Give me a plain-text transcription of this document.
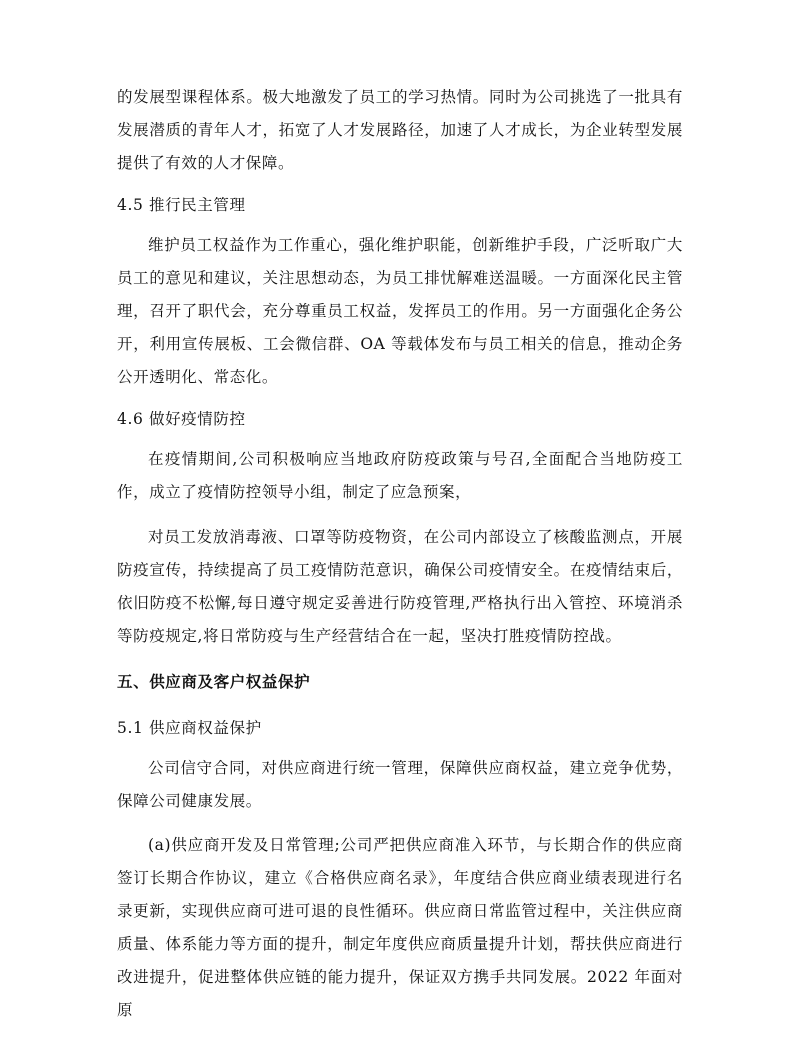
的发展型课程体系。极大地激发了员工的学习热情。同时为公司挑选了一批具有发展潜质的青年人才，拓宽了人才发展路径，加速了人才成长，为企业转型发展提供了有效的人才保障。

4.5 推行民主管理

维护员工权益作为工作重心，强化维护职能，创新维护手段，广泛听取广大员工的意见和建议，关注思想动态，为员工排忧解难送温暖。一方面深化民主管理，召开了职代会，充分尊重员工权益，发挥员工的作用。另一方面强化企务公开，利用宣传展板、工会微信群、OA 等载体发布与员工相关的信息，推动企务公开透明化、常态化。

4.6 做好疫情防控

在疫情期间,公司积极响应当地政府防疫政策与号召,全面配合当地防疫工作，成立了疫情防控领导小组，制定了应急预案，

对员工发放消毒液、口罩等防疫物资，在公司内部设立了核酸监测点，开展防疫宣传，持续提高了员工疫情防范意识，确保公司疫情安全。在疫情结束后，依旧防疫不松懈,每日遵守规定妥善进行防疫管理,严格执行出入管控、环境消杀等防疫规定,将日常防疫与生产经营结合在一起，坚决打胜疫情防控战。

五、供应商及客户权益保护

5.1 供应商权益保护

公司信守合同，对供应商进行统一管理，保障供应商权益，建立竞争优势，保障公司健康发展。

(a)供应商开发及日常管理;公司严把供应商准入环节，与长期合作的供应商签订长期合作协议，建立《合格供应商名录》，年度结合供应商业绩表现进行名录更新，实现供应商可进可退的良性循环。供应商日常监管过程中，关注供应商质量、体系能力等方面的提升，制定年度供应商质量提升计划，帮扶供应商进行改进提升，促进整体供应链的能力提升，保证双方携手共同发展。2022 年面对原
